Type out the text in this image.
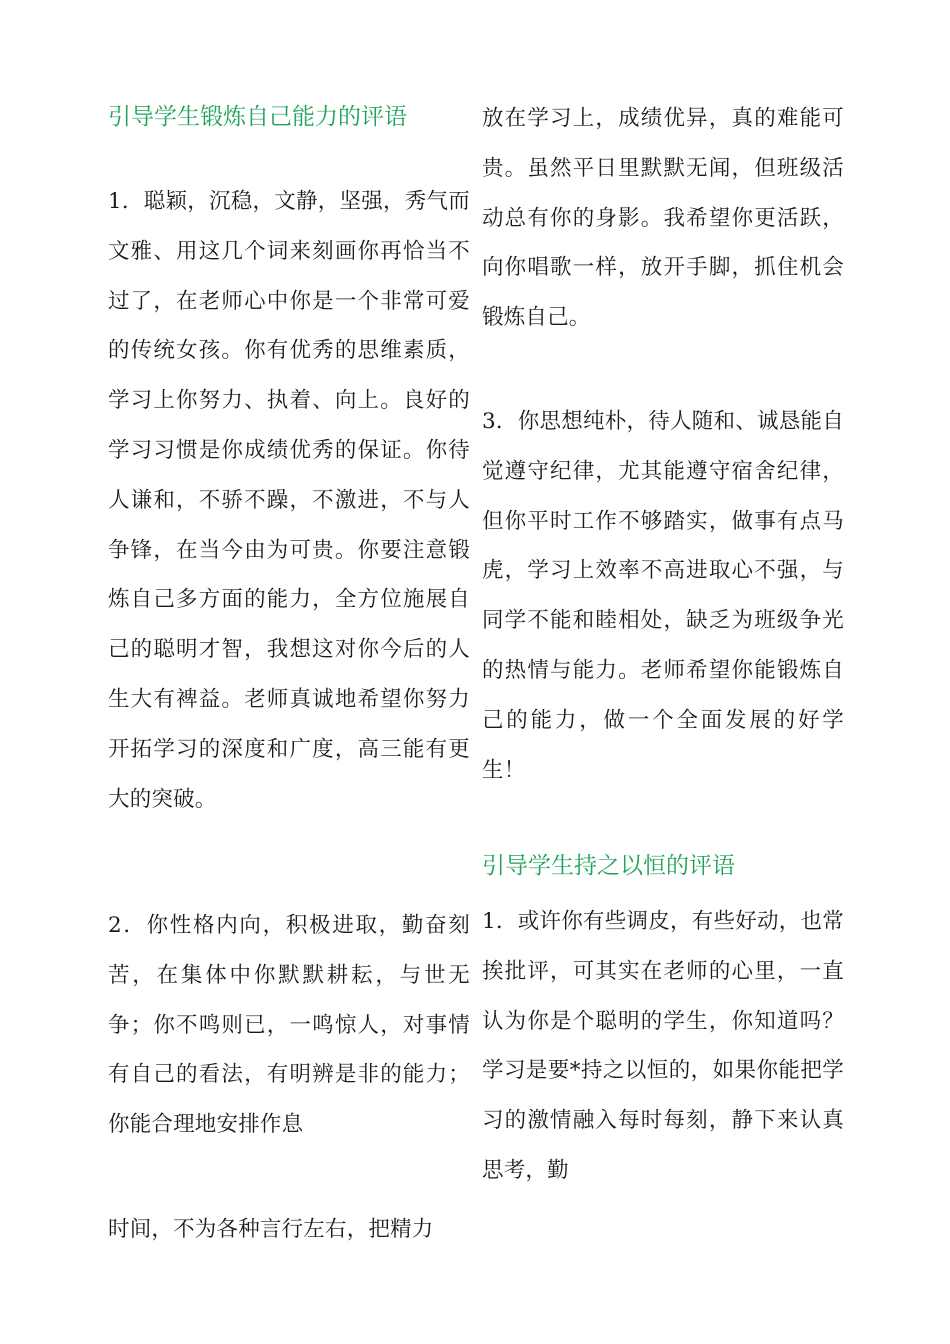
引导学生锻炼自己能力的评语

1．聪颖，沉稳，文静，坚强，秀气而文雅、用这几个词来刻画你再恰当不过了，在老师心中你是一个非常可爱的传统女孩。你有优秀的思维素质，学习上你努力、执着、向上。良好的学习习惯是你成绩优秀的保证。你待人谦和，不骄不躁，不激进，不与人争锋，在当今由为可贵。你要注意锻炼自己多方面的能力，全方位施展自己的聪明才智，我想这对你今后的人生大有裨益。老师真诚地希望你努力开拓学习的深度和广度，高三能有更大的突破。

2．你性格内向，积极进取，勤奋刻苦，在集体中你默默耕耘，与世无争；你不鸣则已，一鸣惊人，对事情有自己的看法，有明辨是非的能力；你能合理地安排作息

时间，不为各种言行左右，把精力

放在学习上，成绩优异，真的难能可贵。虽然平日里默默无闻，但班级活动总有你的身影。我希望你更活跃，向你唱歌一样，放开手脚，抓住机会锻炼自己。

3．你思想纯朴，待人随和、诚恳能自觉遵守纪律，尤其能遵守宿舍纪律，但你平时工作不够踏实，做事有点马虎，学习上效率不高进取心不强，与同学不能和睦相处，缺乏为班级争光的热情与能力。老师希望你能锻炼自己的能力，做一个全面发展的好学生！

引导学生持之以恒的评语

1．或许你有些调皮，有些好动，也常挨批评，可其实在老师的心里，一直认为你是个聪明的学生，你知道吗？学习是要*持之以恒的，如果你能把学习的激情融入每时每刻，静下来认真思考，勤
